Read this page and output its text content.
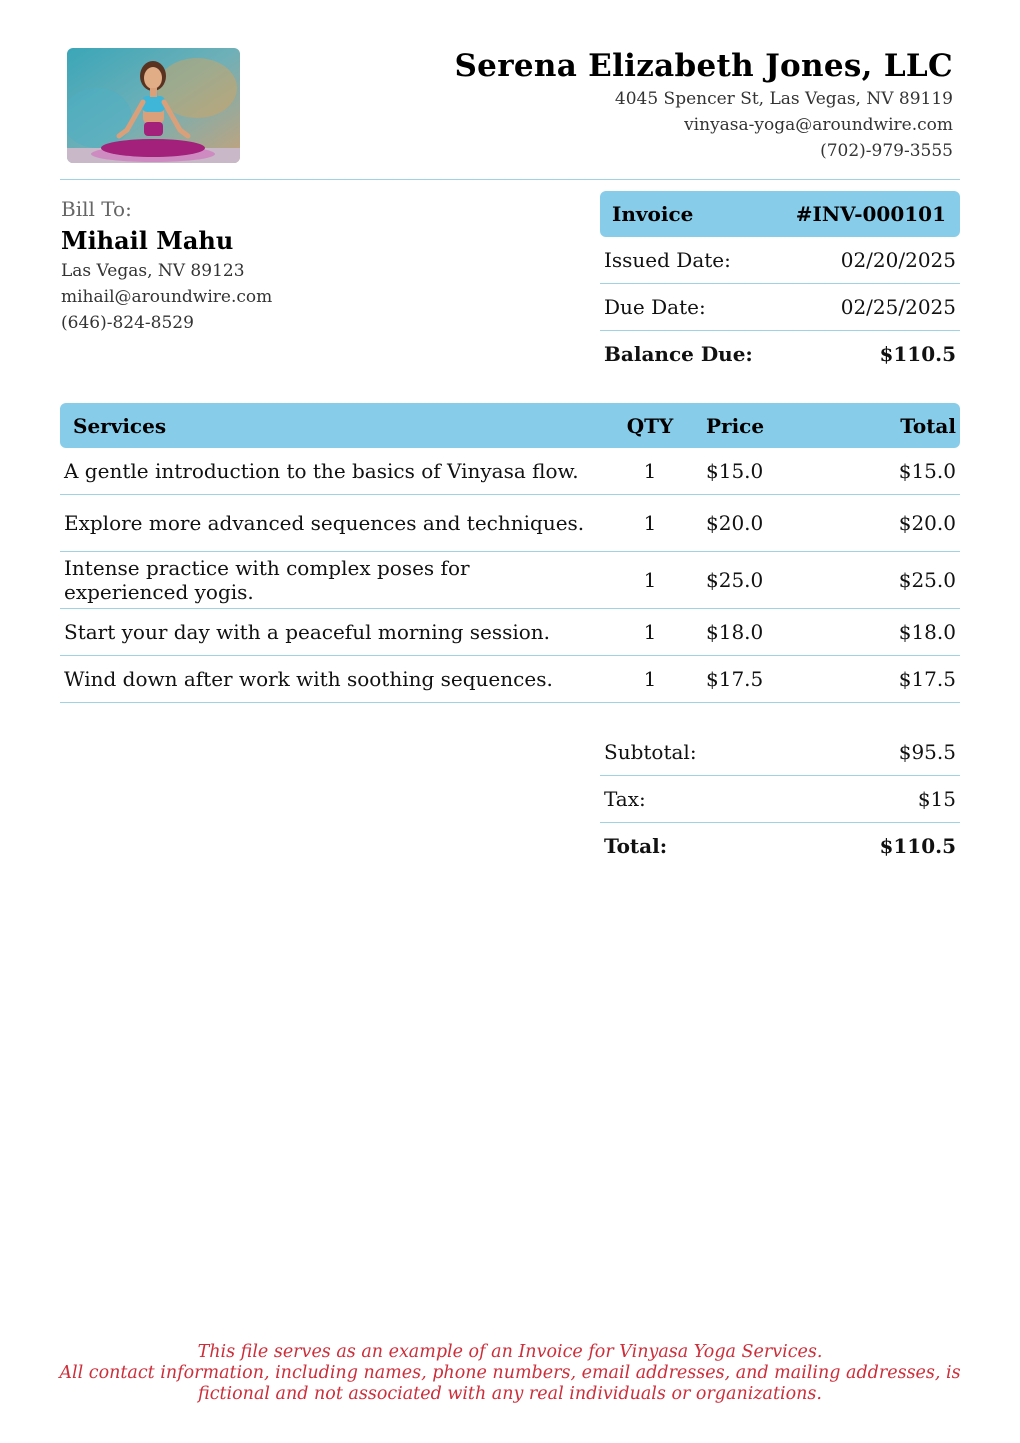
Serena Elizabeth Jones, LLC
4045 Spencer St, Las Vegas, NV 89119
vinyasa-yoga@aroundwire.com
(702)-979-3555
Bill To:
Mihail Mahu
Las Vegas, NV 89123
mihail@aroundwire.com
(646)-824-8529
Invoice	#INV-000101
Issued Date:	02/20/2025
Due Date:	02/25/2025
Balance Due:	$110.5
Services	QTY	Price	Total
A gentle introduction to the basics of Vinyasa flow.	1	$15.0	$15.0
Explore more advanced sequences and techniques.	1	$20.0	$20.0
Intense practice with complex poses for experienced yogis.	1	$25.0	$25.0
Start your day with a peaceful morning session.	1	$18.0	$18.0
Wind down after work with soothing sequences.	1	$17.5	$17.5
Subtotal:	$95.5
Tax:	$15
Total:	$110.5
This file serves as an example of an Invoice for Vinyasa Yoga Services.
All contact information, including names, phone numbers, email addresses, and mailing addresses, is
fictional and not associated with any real individuals or organizations.
